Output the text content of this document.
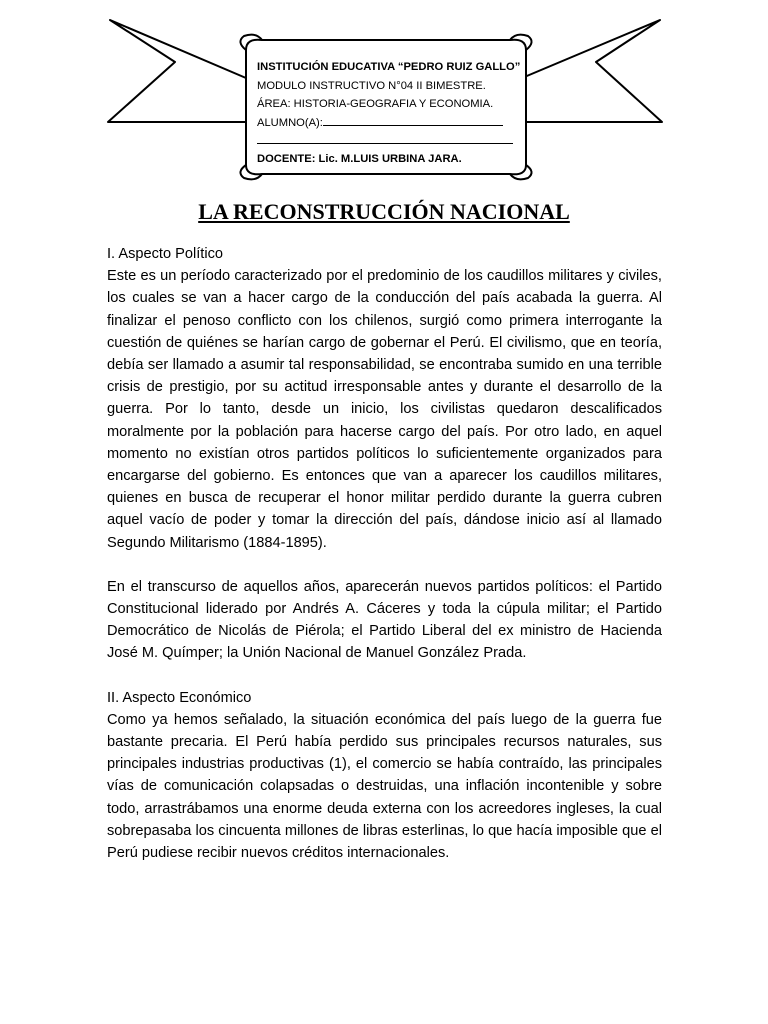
INSTITUCIÓN EDUCATIVA “PEDRO RUIZ GALLO”
MODULO INSTRUCTIVO N°04 II BIMESTRE.
ÁREA: HISTORIA-GEOGRAFIA Y ECONOMIA.
ALUMNO(A):
DOCENTE: Lic. M.LUIS URBINA JARA.
LA RECONSTRUCCIÓN NACIONAL
I. Aspecto Político

Este es un período caracterizado por el predominio de los caudillos militares y civiles, los cuales se van a hacer cargo de la conducción del país acabada la guerra. Al finalizar el penoso conflicto con los chilenos, surgió como primera interrogante la cuestión de quiénes se harían cargo de gobernar el Perú. El civilismo, que en teoría, debía ser llamado a asumir tal responsabilidad, se encontraba sumido en una terrible crisis de prestigio, por su actitud irresponsable antes y durante el desarrollo de la guerra. Por lo tanto, desde un inicio, los civilistas quedaron descalificados moralmente por la población para hacerse cargo del país. Por otro lado, en aquel momento no existían otros partidos políticos lo suficientemente organizados para encargarse del gobierno. Es entonces que van a aparecer los caudillos militares, quienes en busca de recuperar el honor militar perdido durante la guerra cubren aquel vacío de poder y tomar la dirección del país, dándose inicio así al llamado Segundo Militarismo (1884-1895).

En el transcurso de aquellos años, aparecerán nuevos partidos políticos: el Partido Constitucional liderado por Andrés A. Cáceres y toda la cúpula militar; el Partido Democrático de Nicolás de Piérola; el Partido Liberal del ex ministro de Hacienda José M. Químper; la Unión Nacional de Manuel González Prada.

II. Aspecto Económico

Como ya hemos señalado, la situación económica del país luego de la guerra fue bastante precaria. El Perú había perdido sus principales recursos naturales, sus principales industrias productivas (1), el comercio se había contraído, las principales vías de comunicación colapsadas o destruidas, una inflación incontenible y sobre todo, arrastrábamos una enorme deuda externa con los acreedores ingleses, la cual sobrepasaba los cincuenta millones de libras esterlinas, lo que hacía imposible que el Perú pudiese recibir nuevos créditos internacionales.
